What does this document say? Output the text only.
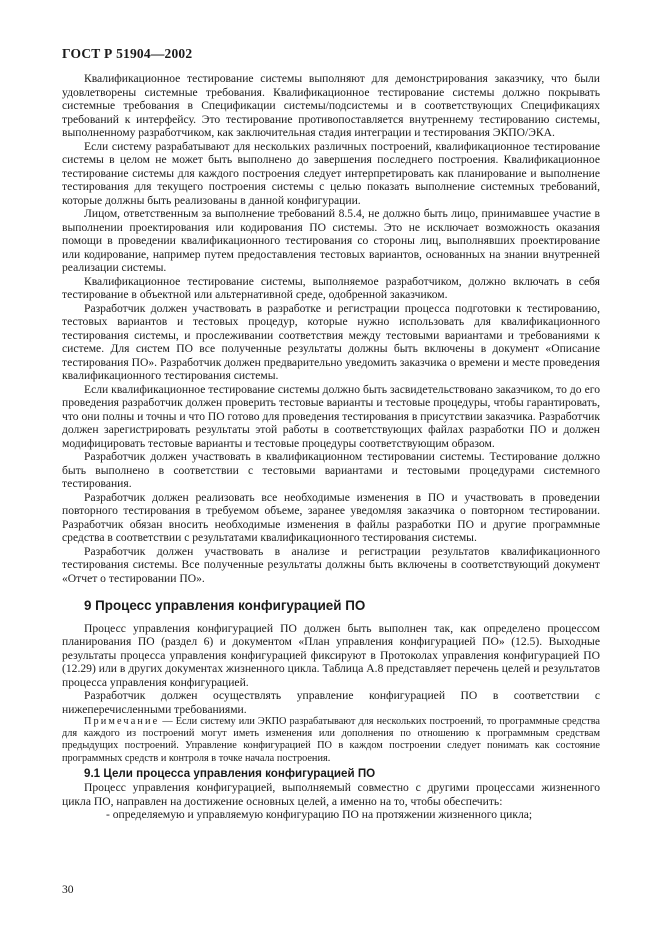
ГОСТ Р 51904—2002

Квалификационное тестирование системы выполняют для демонстрирования заказчику, что были удовлетворены системные требования. Квалификационное тестирование системы должно покрывать системные требования в Спецификации системы/подсистемы и в соответствующих Спецификациях требований к интерфейсу. Это тестирование противопоставляется внутреннему тестированию системы, выполненному разработчиком, как заключительная стадия интеграции и тестирования ЭКПО/ЭКА.

Если систему разрабатывают для нескольких различных построений, квалификационное тестирование системы в целом не может быть выполнено до завершения последнего построения. Квалификационное тестирование системы для каждого построения следует интерпретировать как планирование и выполнение тестирования для текущего построения системы с целью показать выполнение системных требований, которые должны быть реализованы в данной конфигурации.

Лицом, ответственным за выполнение требований 8.5.4, не должно быть лицо, принимавшее участие в выполнении проектирования или кодирования ПО системы. Это не исключает возможность оказания помощи в проведении квалификационного тестирования со стороны лиц, выполнявших проектирование или кодирование, например путем предоставления тестовых вариантов, основанных на знании внутренней реализации системы.

Квалификационное тестирование системы, выполняемое разработчиком, должно включать в себя тестирование в объектной или альтернативной среде, одобренной заказчиком.

Разработчик должен участвовать в разработке и регистрации процесса подготовки к тестированию, тестовых вариантов и тестовых процедур, которые нужно использовать для квалификационного тестирования системы, и прослеживании соответствия между тестовыми вариантами и требованиями к системе. Для систем ПО все полученные результаты должны быть включены в документ «Описание тестирования ПО». Разработчик должен предварительно уведомить заказчика о времени и месте проведения квалификационного тестирования системы.

Если квалификационное тестирование системы должно быть засвидетельствовано заказчиком, то до его проведения разработчик должен проверить тестовые варианты и тестовые процедуры, чтобы гарантировать, что они полны и точны и что ПО готово для проведения тестирования в присутствии заказчика. Разработчик должен зарегистрировать результаты этой работы в соответствующих файлах разработки ПО и должен модифицировать тестовые варианты и тестовые процедуры соответствующим образом.

Разработчик должен участвовать в квалификационном тестировании системы. Тестирование должно быть выполнено в соответствии с тестовыми вариантами и тестовыми процедурами системного тестирования.

Разработчик должен реализовать все необходимые изменения в ПО и участвовать в проведении повторного тестирования в требуемом объеме, заранее уведомляя заказчика о повторном тестировании. Разработчик обязан вносить необходимые изменения в файлы разработки ПО и другие программные средства в соответствии с результатами квалификационного тестирования системы.

Разработчик должен участвовать в анализе и регистрации результатов квалификационного тестирования системы. Все полученные результаты должны быть включены в соответствующий документ «Отчет о тестировании ПО».

9 Процесс управления конфигурацией ПО

Процесс управления конфигурацией ПО должен быть выполнен так, как определено процессом планирования ПО (раздел 6) и документом «План управления конфигурацией ПО» (12.5). Выходные результаты процесса управления конфигурацией фиксируют в Протоколах управления конфигурацией ПО (12.29) или в других документах жизненного цикла. Таблица А.8 представляет перечень целей и результатов процесса управления конфигурацией.

Разработчик должен осуществлять управление конфигурацией ПО в соответствии с нижеперечисленными требованиями.

Примечание — Если систему или ЭКПО разрабатывают для нескольких построений, то программные средства для каждого из построений могут иметь изменения или дополнения по отношению к программным средствам предыдущих построений. Управление конфигурацией ПО в каждом построении следует понимать как состояние программных средств и контроля в точке начала построения.

9.1 Цели процесса управления конфигурацией ПО

Процесс управления конфигурацией, выполняемый совместно с другими процессами жизненного цикла ПО, направлен на достижение основных целей, а именно на то, чтобы обеспечить:

- определяемую и управляемую конфигурацию ПО на протяжении жизненного цикла;

30
